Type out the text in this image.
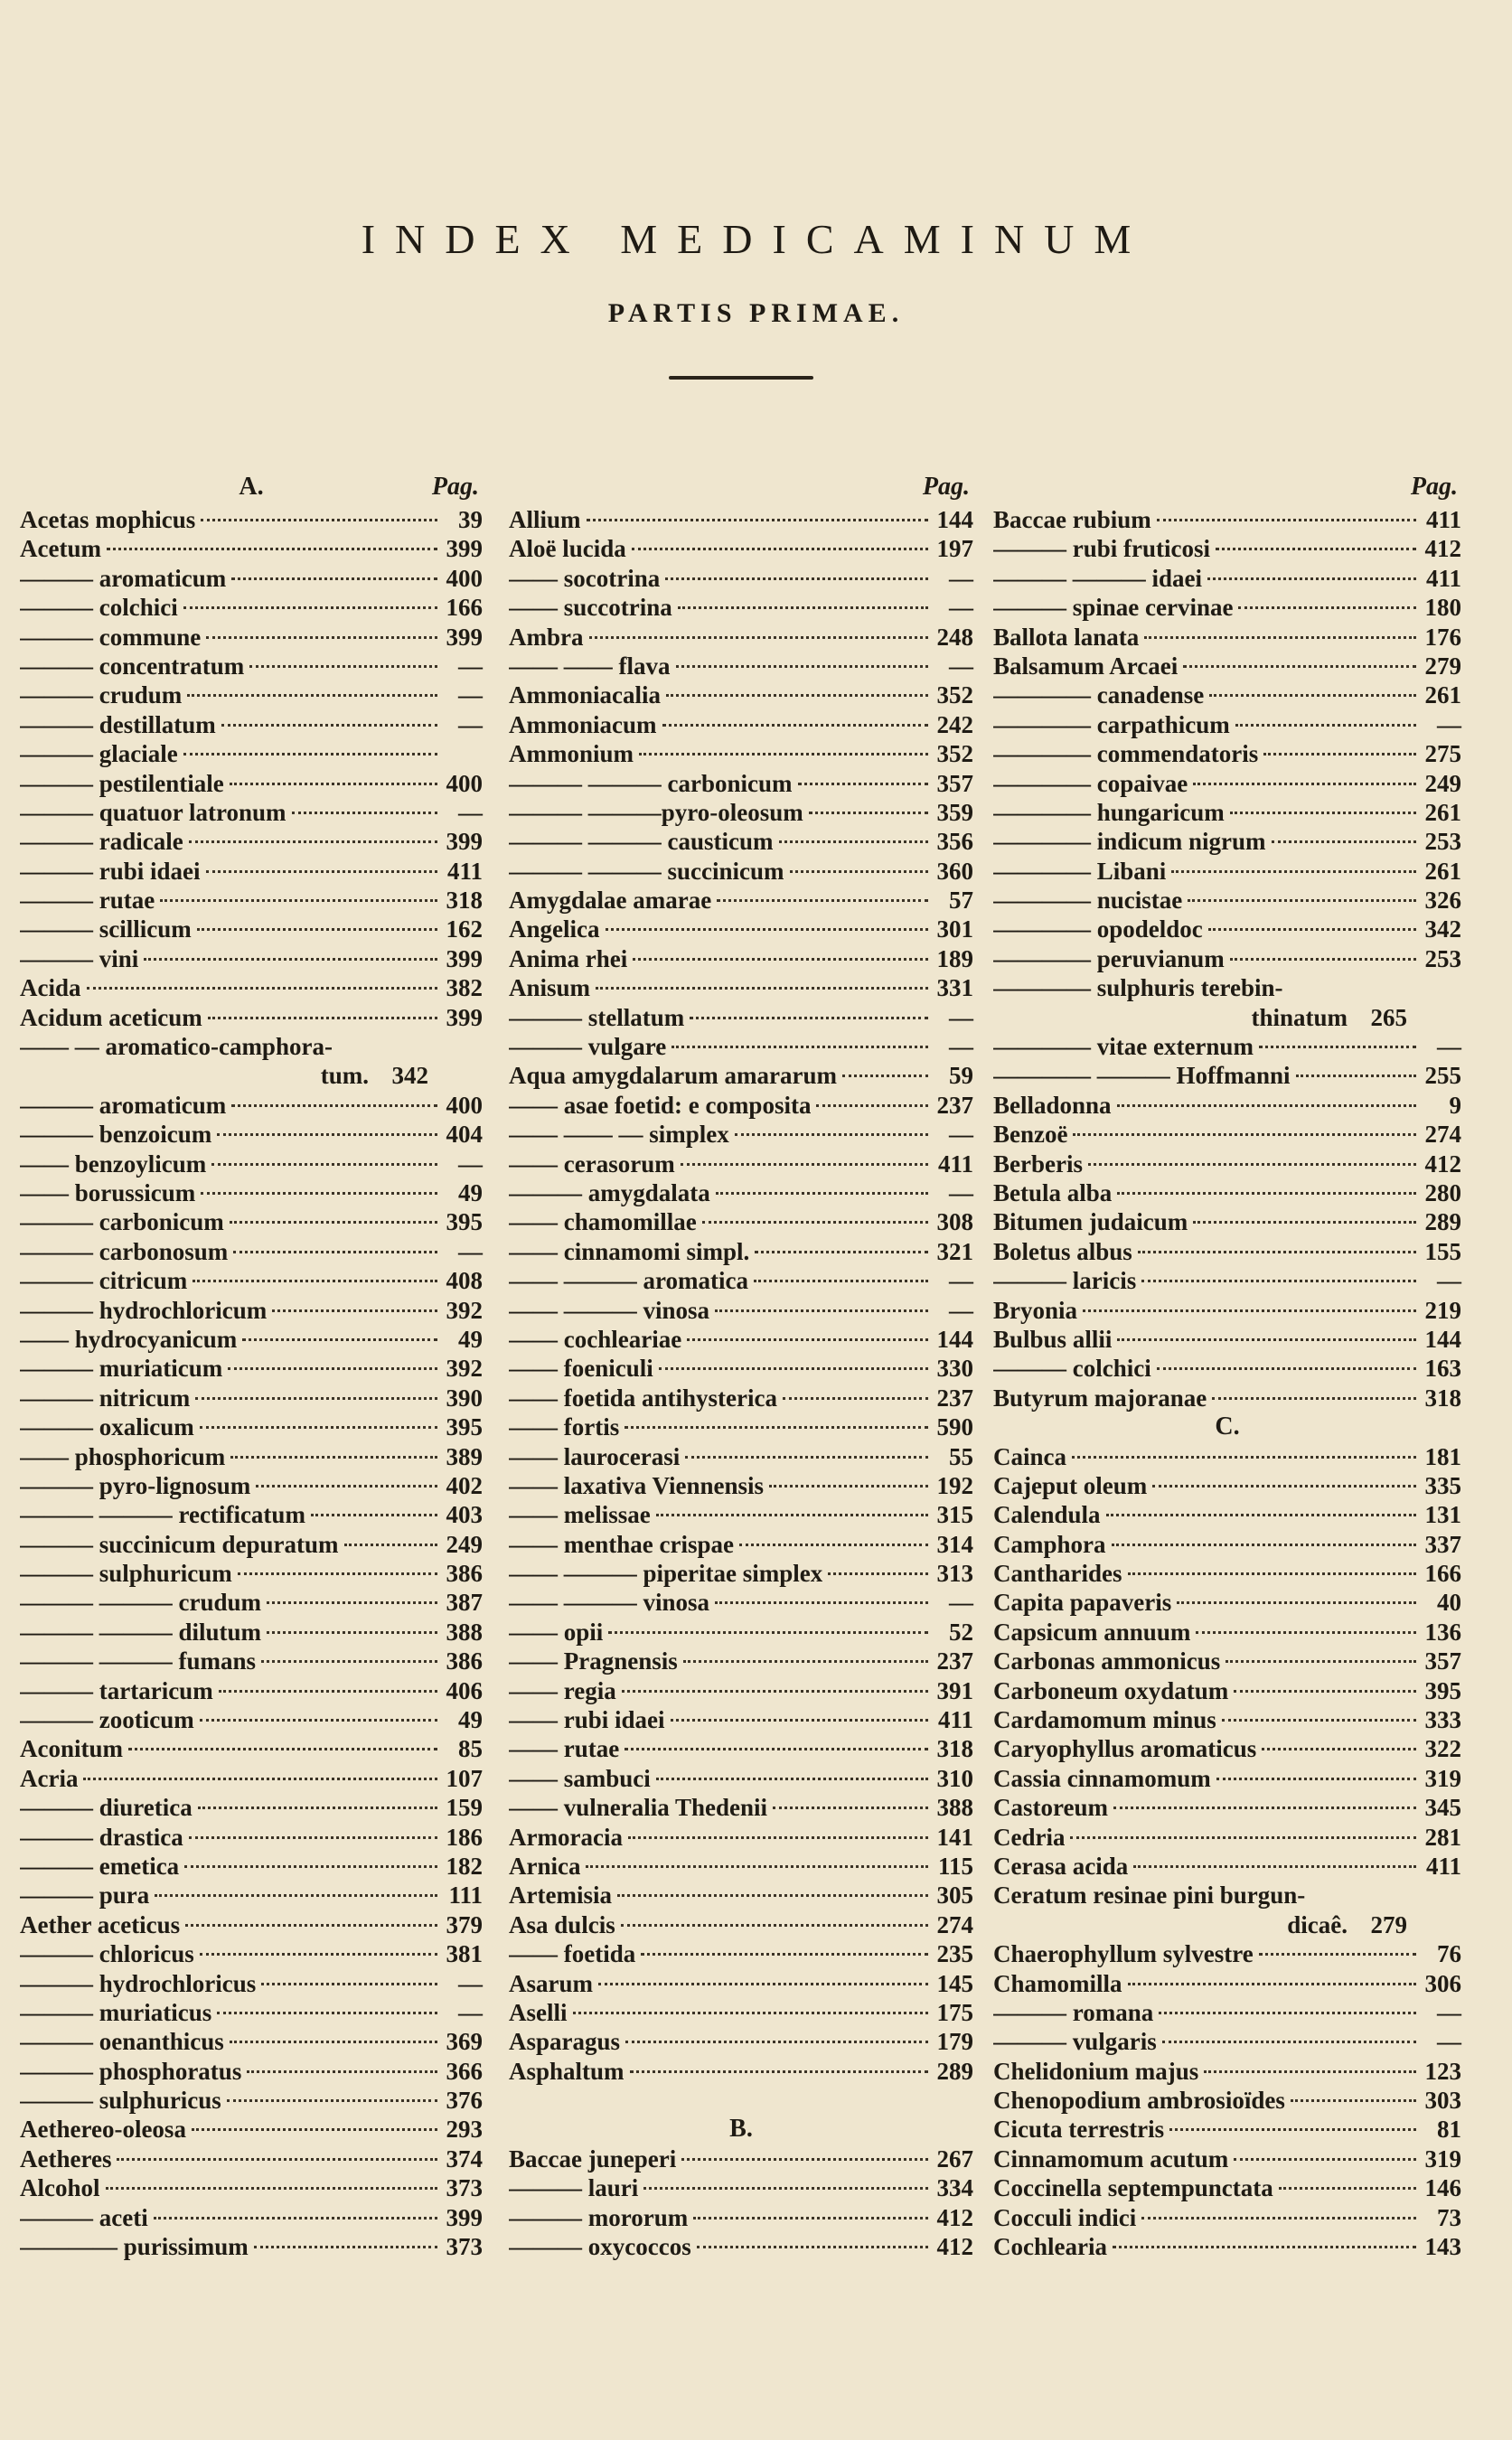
INDEX MEDICAMINUM
PARTIS PRIMAE.
A.	Pag.
Acetas mophicus	39
Acetum	399
——— aromaticum	400
——— colchici	166
——— commune	399
——— concentratum	—
——— crudum	—
——— destillatum	—
——— glaciale
——— pestilentiale	400
——— quatuor latronum	—
——— radicale	399
——— rubi idaei	411
——— rutae	318
——— scillicum	162
——— vini	399
Acida	382
Acidum aceticum	399
—— — aromatico-camphora-
tum. 342
——— aromaticum	400
——— benzoicum	404
—— benzoylicum	—
—— borussicum	49
——— carbonicum	395
——— carbonosum	—
——— citricum	408
——— hydrochloricum	392
—— hydrocyanicum	49
——— muriaticum	392
——— nitricum	390
——— oxalicum	395
—— phosphoricum	389
——— pyro-lignosum	402
——— ——— rectificatum	403
——— succinicum depuratum	249
——— sulphuricum	386
——— ——— crudum	387
——— ——— dilutum	388
——— ——— fumans	386
——— tartaricum	406
——— zooticum	49
Aconitum	85
Acria	107
——— diuretica	159
——— drastica	186
——— emetica	182
——— pura	111
Aether aceticus	379
——— chloricus	381
——— hydrochloricus	—
——— muriaticus	—
——— oenanthicus	369
——— phosphoratus	366
——— sulphuricus	376
Aethereo-oleosa	293
Aetheres	374
Alcohol	373
——— aceti	399
———— purissimum	373
Pag.
Allium	144
Aloë lucida	197
—— socotrina	—
—— succotrina	—
Ambra	248
—— —— flava	—
Ammoniacalia	352
Ammoniacum	242
Ammonium	352
——— ——— carbonicum	357
——— ———pyro-oleosum	359
——— ——— causticum	356
——— ——— succinicum	360
Amygdalae amarae	57
Angelica	301
Anima rhei	189
Anisum	331
——— stellatum	—
——— vulgare	—
Aqua amygdalarum amararum	59
—— asae foetid: e composita	237
—— —— — simplex	—
—— cerasorum	411
——— amygdalata	—
—— chamomillae	308
—— cinnamomi simpl.	321
—— ——— aromatica	—
—— ——— vinosa	—
—— cochleariae	144
—— foeniculi	330
—— foetida antihysterica	237
—— fortis	590
—— laurocerasi	55
—— laxativa Viennensis	192
—— melissae	315
—— menthae crispae	314
—— ——— piperitae simplex	313
—— ——— vinosa	—
—— opii	52
—— Pragnensis	237
—— regia	391
—— rubi idaei	411
—— rutae	318
—— sambuci	310
—— vulneralia Thedenii	388
Armoracia	141
Arnica	115
Artemisia	305
Asa dulcis	274
—— foetida	235
Asarum	145
Aselli	175
Asparagus	179
Asphaltum	289
B.
Baccae juneperi	267
——— lauri	334
——— mororum	412
——— oxycoccos	412
Pag.
Baccae rubium	411
——— rubi fruticosi	412
——— ——— idaei	411
——— spinae cervinae	180
Ballota lanata	176
Balsamum Arcaei	279
———— canadense	261
———— carpathicum	—
———— commendatoris	275
———— copaivae	249
———— hungaricum	261
———— indicum nigrum	253
———— Libani	261
———— nucistae	326
———— opodeldoc	342
———— peruvianum	253
———— sulphuris terebin-
thinatum 265
———— vitae externum	—
———— ——— Hoffmanni	255
Belladonna	9
Benzoë	274
Berberis	412
Betula alba	280
Bitumen judaicum	289
Boletus albus	155
——— laricis	—
Bryonia	219
Bulbus allii	144
——— colchici	163
Butyrum majoranae	318
C.
Cainca	181
Cajeput oleum	335
Calendula	131
Camphora	337
Cantharides	166
Capita papaveris	40
Capsicum annuum	136
Carbonas ammonicus	357
Carboneum oxydatum	395
Cardamomum minus	333
Caryophyllus aromaticus	322
Cassia cinnamomum	319
Castoreum	345
Cedria	281
Cerasa acida	411
Ceratum resinae pini burgun-
dicaê. 279
Chaerophyllum sylvestre	76
Chamomilla	306
——— romana	—
——— vulgaris	—
Chelidonium majus	123
Chenopodium ambrosioïdes	303
Cicuta terrestris	81
Cinnamomum acutum	319
Coccinella septempunctata	146
Cocculi indici	73
Cochlearia	143
